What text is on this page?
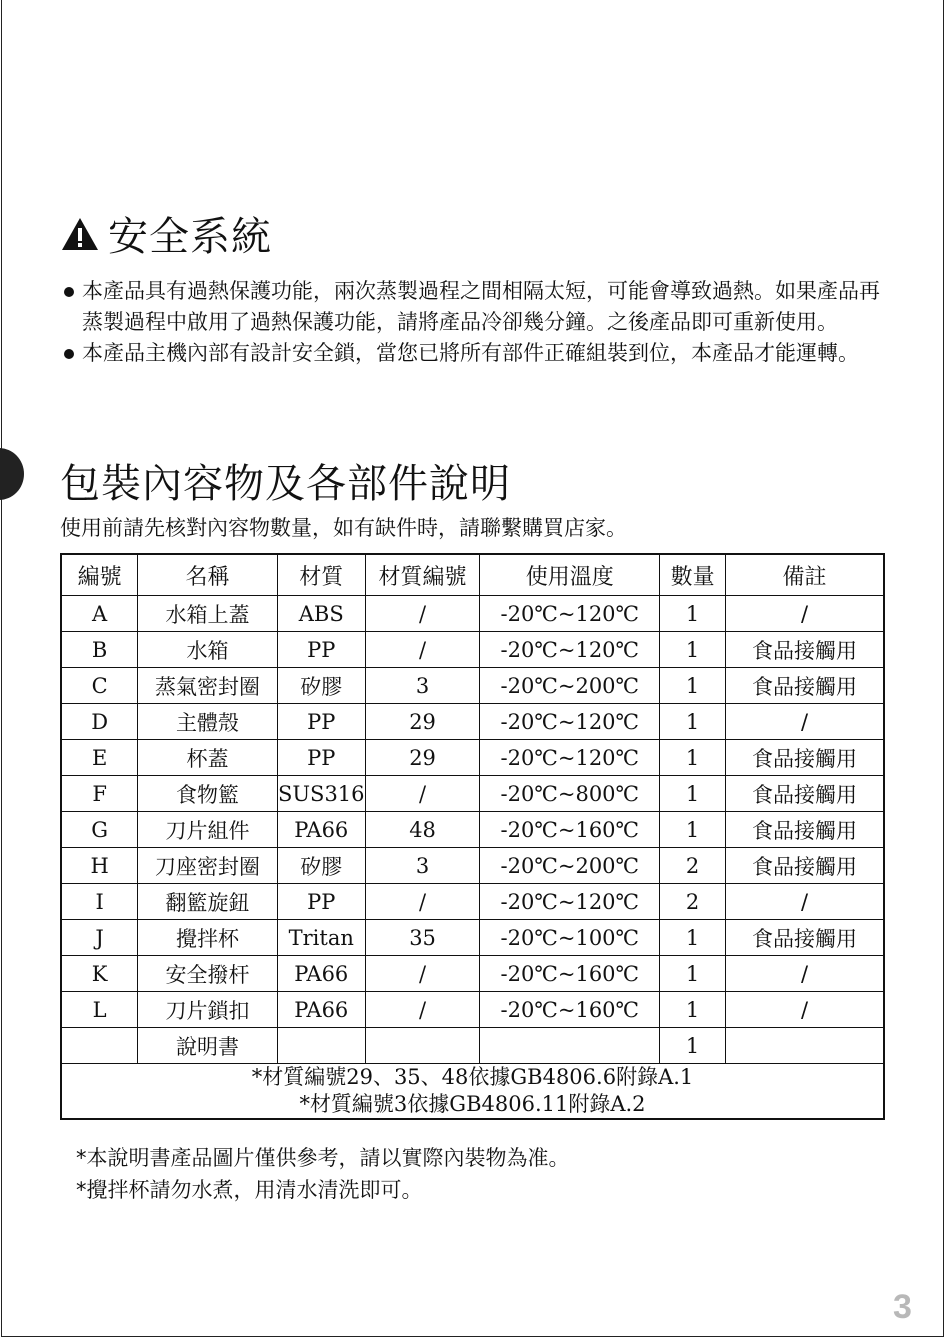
安全系統
本產品具有過熱保護功能，兩次蒸製過程之間相隔太短，可能會導致過熱。如果產品再蒸製過程中啟用了過熱保護功能，請將產品冷卻幾分鐘。之後產品即可重新使用。
本產品主機內部有設計安全鎖，當您已將所有部件正確組裝到位，本產品才能運轉。
包裝內容物及各部件說明
使用前請先核對內容物數量，如有缺件時，請聯繫購買店家。
編號	名稱	材質	材質編號	使用溫度	數量	備註
A	水箱上蓋	ABS	/	-20℃~120℃	1	/
B	水箱	PP	/	-20℃~120℃	1	食品接觸用
C	蒸氣密封圈	矽膠	3	-20℃~200℃	1	食品接觸用
D	主體殼	PP	29	-20℃~120℃	1	/
E	杯蓋	PP	29	-20℃~120℃	1	食品接觸用
F	食物籃	SUS316	/	-20℃~800℃	1	食品接觸用
G	刀片組件	PA66	48	-20℃~160℃	1	食品接觸用
H	刀座密封圈	矽膠	3	-20℃~200℃	2	食品接觸用
I	翻籃旋鈕	PP	/	-20℃~120℃	2	/
J	攪拌杯	Tritan	35	-20℃~100℃	1	食品接觸用
K	安全撥杆	PA66	/	-20℃~160℃	1	/
L	刀片鎖扣	PA66	/	-20℃~160℃	1	/
	說明書				1	

*材質編號29、35、48依據GB4806.6附錄A.1
*材質編號3依據GB4806.11附錄A.2						
*本說明書產品圖片僅供參考，請以實際內裝物為准。
*攪拌杯請勿水煮，用清水清洗即可。
3
